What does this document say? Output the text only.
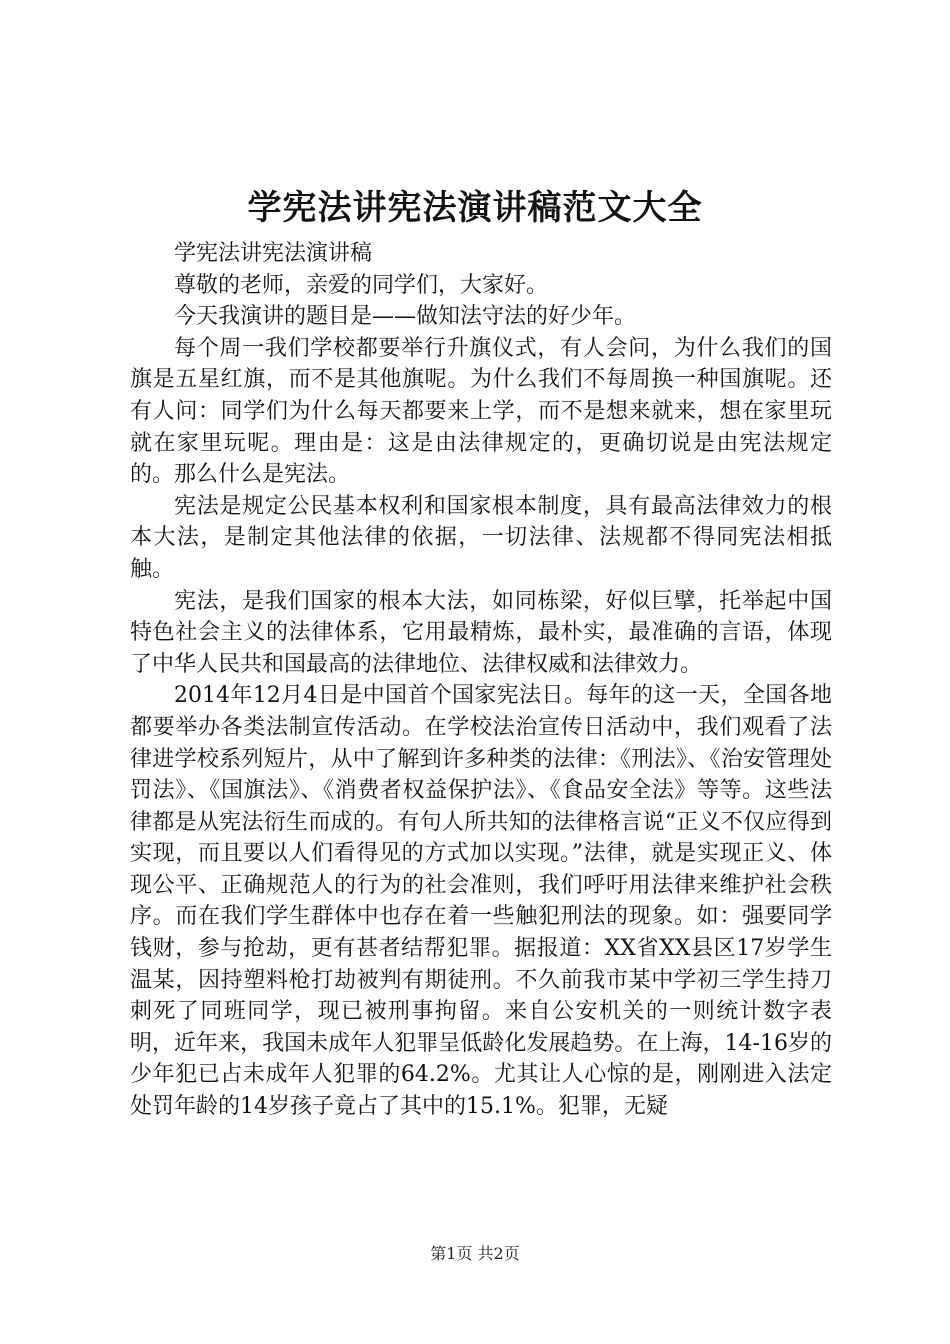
学宪法讲宪法演讲稿范文大全

学宪法讲宪法演讲稿

尊敬的老师，亲爱的同学们，大家好。

今天我演讲的题目是——做知法守法的好少年。

每个周一我们学校都要举行升旗仪式，有人会问，为什么我们的国旗是五星红旗，而不是其他旗呢。为什么我们不每周换一种国旗呢。还有人问：同学们为什么每天都要来上学，而不是想来就来，想在家里玩就在家里玩呢。理由是：这是由法律规定的，更确切说是由宪法规定的。那么什么是宪法。

宪法是规定公民基本权利和国家根本制度，具有最高法律效力的根本大法，是制定其他法律的依据，一切法律、法规都不得同宪法相抵触。

宪法，是我们国家的根本大法，如同栋梁，好似巨擘，托举起中国特色社会主义的法律体系，它用最精炼，最朴实，最准确的言语，体现了中华人民共和国最高的法律地位、法律权威和法律效力。

2014年12月4日是中国首个国家宪法日。每年的这一天，全国各地都要举办各类法制宣传活动。在学校法治宣传日活动中，我们观看了法律进学校系列短片，从中了解到许多种类的法律：《刑法》、《治安管理处罚法》、《国旗法》、《消费者权益保护法》、《食品安全法》等等。这些法律都是从宪法衍生而成的。有句人所共知的法律格言说“正义不仅应得到实现，而且要以人们看得见的方式加以实现。”法律，就是实现正义、体现公平、正确规范人的行为的社会准则，我们呼吁用法律来维护社会秩序。而在我们学生群体中也存在着一些触犯刑法的现象。如：强要同学钱财，参与抢劫，更有甚者结帮犯罪。据报道：XX省XX县区17岁学生温某，因持塑料枪打劫被判有期徒刑。不久前我市某中学初三学生持刀刺死了同班同学，现已被刑事拘留。来自公安机关的一则统计数字表明，近年来，我国未成年人犯罪呈低龄化发展趋势。在上海，14-16岁的少年犯已占未成年人犯罪的64.2%。尤其让人心惊的是，刚刚进入法定处罚年龄的14岁孩子竟占了其中的15.1%。犯罪，无疑

第1页 共2页
